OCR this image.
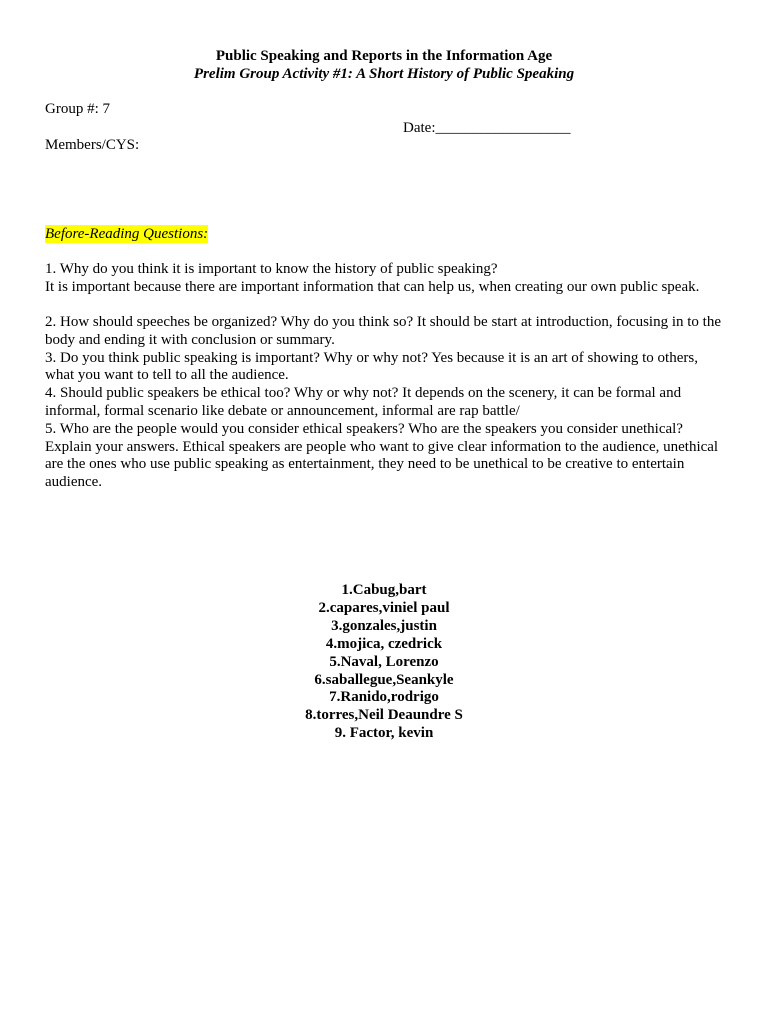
Public Speaking and Reports in the Information Age
Prelim Group Activity #1: A Short History of Public Speaking
Group #: 7
Date:__________________
Members/CYS:
Before-Reading Questions:
1. Why do you think it is important to know the history of public speaking?
It is important because there are important information that can help us, when creating our own public speak.
2. How should speeches be organized? Why do you think so? It should be start at introduction, focusing in to the body and ending it with conclusion or summary.
3. Do you think public speaking is important? Why or why not? Yes because it is an art of showing to others, what you want to tell to all the audience.
4. Should public speakers be ethical too? Why or why not? It depends on the scenery, it can be formal and informal, formal scenario like debate or announcement, informal are rap battle/
5. Who are the people would you consider ethical speakers? Who are the speakers you consider unethical? Explain your answers. Ethical speakers are people who want to give clear information to the audience, unethical are the ones who use public speaking as entertainment, they need to be unethical to be creative to entertain audience.
1.Cabug,bart
2.capares,viniel paul
3.gonzales,justin
4.mojica, czedrick
5.Naval, Lorenzo
6.saballegue,Seankyle
7.Ranido,rodrigo
8.torres,Neil Deaundre S
9. Factor, kevin
